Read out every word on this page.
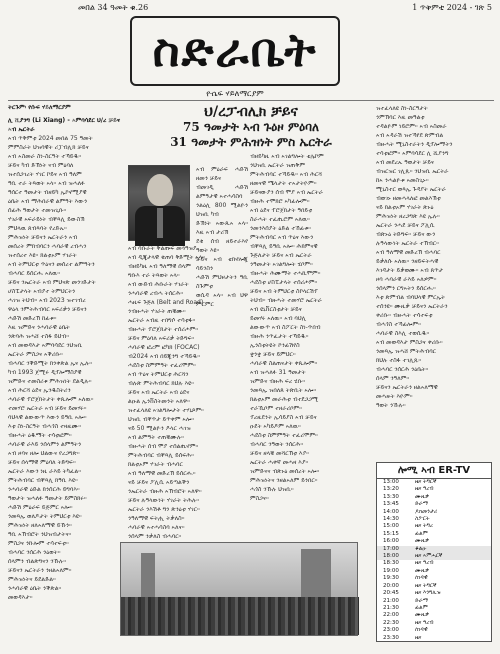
መበል 34 ዓመት ቁ.26	1 ጥቅምቲ 2024 - ገጽ 5
ስድራቤት
ዮሴፍ ሃይለማርያም
ትርጉም፡ የሱፍ ሃይለማርያም	ህ/ረፓብሊክ ቻይና
75 ዓመታት ኣብ ጉዕዞ ምዕባለ
31 ዓመታት ምሕዝነት ምስ ኤርትራ
ሊ ሺያንግ (Li Xiang) - ኣምባሳደር ህ/ረ ቻይና ኣብ ኤርትራ
ኣብ ጥቅምቲ 2024 መበል 75 ዓመት
ምምስራት ህዝባዊት ሪፓብሊክ ቻይና
ኣብ ኣስመራ ስነ-ስርዓት ተኻይዱ።
ቻይና ካብ ድኽነት ናብ ምዕባለ
ዝተሰጋገረት ሃገር ኮይና ኣብ ዓለም
ዓቢ ተራ ትጻወት ኣላ። ኣብ ዝሓለፉ
ዓሰርተ ዓመታት ብዘይካ ኢኮኖሚያዊ
ዕቤት ኣብ ማሕበራዊ ልምዓት እውን
ሰፊሕ ዓወታት ተመዝጊቡ።
ሃገራዊ ኣፍራይነት ብቐጻሊ ይውስኽ
ምህላዉ ጸብጻባት የረድኡ።
ምሕዝነት ቻይናን ኤርትራን ኣብ
መሰረት ምክብባርን ሓባራዊ ረብሓን
ዝተሰረተ እዩ። ክልቲኦም ሃገራት
ኣብ ትምህርቲ ጥዕናን መሰረተ ልምዓትን
ብሓባር ይሰርሑ ኣለዉ።
ቻይና ንኤርትራ ኣብ ምህናጽ መንገድታት
ሆስፒታላት ኣብያተ ትምህርትን
ሓገዝ ትህብ። ኣብ 2023 ዝተገብረ
ዋዕላ ንምትሕብባር ኣፍሪቃን ቻይናን
ሓድሽ መድረኽ ከፊቱ።
እዚ ዝምድና ንሓባራዊ ዕቤት
ንጽባሕ ዝሓሸ ተስፋ ይህብ።
ኣብ መወዳእታ ኣምባሳደር ንህዝቢ
ኤርትራ ምስጋና ኣቕሪቡ።
ብሓባር ንቕድሚት ክንቀጽል ኢና ኢሉ።
ካብ 1993 ጀሚሩ ዲፕሎማስያዊ
ዝምድና ተመስሪቱ ምሕዝነት ደልዲሉ።
ኣብ ሕርሻ ዕደና ኢንዱስትሪን
ሓባራዊ ፕሮጀክትታት ቀጺሎም ኣለዉ።
ተመሃሮ ኤርትራ ኣብ ቻይና ይመሃሩ።
ባህላዊ ልውውጥ እውን ይዓቢ ኣሎ።
እቲ ስነ-ስርዓት ብሓጎስ ተዛዚሙ።
ብዙሓት ዕዱማት ተሳቲፎም።
ሓባራዊ ራእይ ንሰላምን ልምዓትን
ኣብ ዞባና ዘሎ ህልውና የረጋግጽ።
ቻይና ሰላማዊ ምዕባለ ትድግፍ።
ኤርትራ እውን ነዚ ራእይ ትካፈል።
ምትሕብባር ብቐጻሊ ክዓቢ እዩ።
ንሓባራዊ ዕድል ክንሰርሕ ይግባእ።
ዓወታት ዝሓለፉ ዓመታት ይምስክሩ።
ሓድሽ ምዕራፍ ይጅምር ኣሎ።
ንመጻኢ ወለዶታት ትምህርቲ እዩ።
ምሕዝነት ዘለኣለማዊ ይኹን።
ዓቢ ኣኽብሮት ንህዝብታትና።
ምስጋና ንኩሎም ተሳተፍቲ።
ብሓባር ንሰርሕ ንዕወት።
ሰላምን ብልጽግናን ንኹሉ።
ቻይናን ኤርትራን ንዘልኣለም።
ምሕዝነትና ይደልድል።
ንሓባራዊ ዕቤት ንቕጽል።
መወዳእታ።
ኣብ ባቡራት ቅልጡፍ መጓዓዝያ
ኣብ ዲጂታላዊ ቁጠባ ቅድሚት ኣላ።
ብዘይካዚ ኣብ ዓለማዊ ሰላም
ግቡእ ተራ ትጻወት ኣላ።
ኣብ ውድብ ሕቡራት ሃገራት
ንሓባራዊ ረብሓ ትሰርሕ።
ሓዚፍ ጉጅለ (Belt and Road)
ንብዙሓት ሃገራት ጠቒሙ።
ኤርትራ ኣብዚ ተበግሶ ተሳቲፋ።
ብዙሓት ፕሮጀክታት ተሰሪሖም።
ቻይና ምዕባለ ኣፍሪቃ ትድግፍ።
ሓባራዊ ፎረም ፎካክ (FOCAC)
ብ2024 ኣብ በይጂንግ ተኻይዱ።
ሓደስቲ ስምምዓት ተፈሪሞም።
ኣብ ጥዕና ትምህርቲ ሕርሻን
ብሉጽ ምትሕብባር ክህሉ እዩ።
ቻይና ኣብ ኤርትራ ኣብ ዕደና
ልዑል ኢንቨስትመንት ኣለዋ።
ዝተፈላለዩ ኣገልግሎታት ተሃኒጾም።
ህዝቢ ብቐጥታ ይጥቀም ኣሎ።
ናይ 50 ሚልዮን ዶላር ሓገዝ
ኣብ ልምዓት ተጠቒሙሉ።
ብዙሓት ሰብ ሞያ ተሰልጢኖም።
ምትሕብባር ብቐጻሊ ይሰፍሕ።
ክልቲኦም ሃገራት ብሓባር
ኣብ ዓለማዊ መድረኽ ይሰርሑ።
ናይ ቻይና ፖሊሲ ኣይጣልቕን
ንኤርትራ ብዙሕ ኣኽብሮት ኣለዋ።
ቻይና ሉዓላውነት ሃገራት ትሕሉ።
ኤርትራ ንእሽቶ ግን ጽንዕቲ ሃገር።
ንዓለማዊ ፍትሒ ትቃለስ።
ሓባራዊ ኣተሓሳስባ ኣለና።
ንሰላም ንቃለስ ብሓባር።
ኣብ ምዕራፍ ሓድሽ ዘመን ቻይና
ብመገዲ ሓድሽ ልምዓታዊ ኣተሓሳስባ
ንልዕሊ 800 ሚልዮን ህዝቢ ካብ
ድኽነት ኣውጺኣ ኣላ። እዚ ኣብ ታሪኽ
ደቂ ሰብ ዘይተራእየ ዓወት እዩ።
ቻይና ኣብ ቴክኖሎጂ ሳይንስን
ሓድሽ ምህዞታትን ዓቢ ስጉምቲ
ወሲዳ ኣላ። ኣብ ህዋ ምርምር
ብዘይካዚ ኣብ ኣገልግሎት ቴሌኮም
ንህዝቢ ኤርትራ ዝጠቅም
ምትሕብባር ተኻይዱ። ኣብ ሕርሻ
ዘመናዊ ሜላታት ተኣታትዮም።
ቻይናውያን ሰብ ሞያ ኣብ ኤርትራ
ብዙሕ ተሞክሮ ኣካፊሎም።
ኣብ ዕደና ፕሮጀክታት ዓበይቲ
ስራሓት ተፈጢሮም ኣለዉ።
ንመንእሰያት ዕድል ተኸፊቱ።
ምትሕብባር ኣብ ጥዕና እውን
ብቐጻሊ ይዓቢ ኣሎ። ሕክምናዊ
ጉጅለታት ቻይና ኣብ ኤርትራ
ንዓመታት ኣገልግሎት ሂቦም።
ብዙሓት ሕሙማት ተሓኪሞም።
ሓደስቲ ሆስፒታላት ተሰሪሖም።
ቻይና ኣብ ትምህርቲ ስኮላርሽፕ
ትህብ። ብዙሓት ተመሃሮ ኤርትራ
ኣብ ዩኒቨርስቲታት ቻይና
ይመሃሩ ኣለዉ። ኣብ ባህሊ
ልውውጥ ኣብ ስፖርት ስነ-ጥበብ
ብዙሕ ንጥፈታት ተኻይዱ።
ኢንስቲትዩት ኮንፊሽየስ
ቋንቋ ቻይና ይምህር።
ሓባራዊ ስልጠናታት ቀጺሎም።
ኣብ ዝሓለፉ 31 ዓመታት
ዝምድና ብዙሕ ፍረ ሂቡ።
ንመጻኢ ዝበለጸ ትጽቢት ኣሎ።
ክልቲኦም መራሕቲ ብተደጋጋሚ
ተራኺቦም ተዘራሪቦም።
ፕረዚደንት ኢሳይያስ ኣብ ቻይና
ዑደት ኣካይዶም ኣለዉ።
ሓደስቲ ስምምዓት ተፈሪሞም።
ብሓባር ንዓወት ንሰርሕ።
ቻይና ዘላቒ መሻርኽቲ እያ።
ኤርትራ ሓቀኛ መሓዛ እያ።
ዝምድናና ብጽኑዕ መሰረት ኣሎ።
ምሕዝነትና ንዘልኣለም ይንበር።
ሓጎስ ንኹሉ ህዝቢ።
ምስጋና።
ዝተፈላለዩ ስነ-ስርዓታት
ንምኽባር እዚ መዓልቲ
ተዳልዮም ነይሮም። ኣብ ኣስመራ
ኣብ ኣዳራሽ ዝተኻየደ ጽምብል
ብዙሓት ሚኒስተራትን ዲፕሎማትን
ተሳቲፎም። ኣምባሳደር ሊ ሺያንግ
ኣብ መደረኡ ዓወታት ቻይና
ብዝርዝር ገሊጹ። ንህዝቢ ኤርትራ
ከኣ ንሓልዮቱ ኣመስጊኑ።
ሚኒስተር ወጻኢ ጉዳያት ኤርትራ
ብወገኑ ዘመሓላለፎ መልእኽቲ
ናይ ክልቲኦም ሃገራት ጽኑዕ
ምሕዝነት ዘረጋግጽ እዩ ኢሉ።
ኤርትራ ንሓደ ቻይና ፖሊሲ
ብጽኑዕ ትድግፍ። ቻይና ውን
ሉዓላውነት ኤርትራ ተኽብር።
ኣብ ዓለማዊ መድረኽ ብሓባር
ይቃለሱ ኣለዉ። ንዘይፍትሓዊ
እገዳታት ይቃወሙ። ኣብ ጸጥታ
ዞባ ሓባራዊ ራእይ ኣለዎም።
ንሰላምን ርግኣትን ይሰርሑ።
እቲ ጽምብል ብባህላዊ ምርኢት
ተሰንዩ። ሙዚቃ ቻይናን ኤርትራን
ቀሪቡ። ብዙሓት ተሳተፍቲ
ብሓጎስ ተኻፊሎም።
ሓባራዊ ስእሊ ተወሲዱ።
ኣብ መወዳእታ ምስጋና ቀሪቡ።
ንመጻኢ ዝሓሸ ምትሕብባር
ክህሉ ተስፋ ተገሊጹ።
ብሓባር ንሰርሕ ንዕቤት።
ሰላም ንዓለም።
ቻይናን ኤርትራን ዘልኣለማዊ
መሓዙት እዮም።
ዓወት ንኹሉ።
ሎሚ ኣብ ER-TV
13:00	ዜና ትግርኛ
13:20	ዜና ዓረብ
13:30	ሙዚቃ
13:45	ድራማ
14:00	ዶክመንታሪ
14:30	ስፖርት
15:00	ዜና ትግረ
15:15	ፊልም
16:00	ሙዚቃ
17:00	ቆልዑ
18:00	ዜና ኣምሓርኛ
18:30	ዜና ዓረብ
19:00	ሙዚቃ
19:30	ሰነዳዊ
20:00	ዜና ትግርኛ
20:45	ዜና እንግሊዝ
21:00	ድራማ
21:30	ፊልም
22:00	ሙዚቃ
22:30	ዜና ዓረብ
23:00	ሰነዳዊ
23:30	ዜና
